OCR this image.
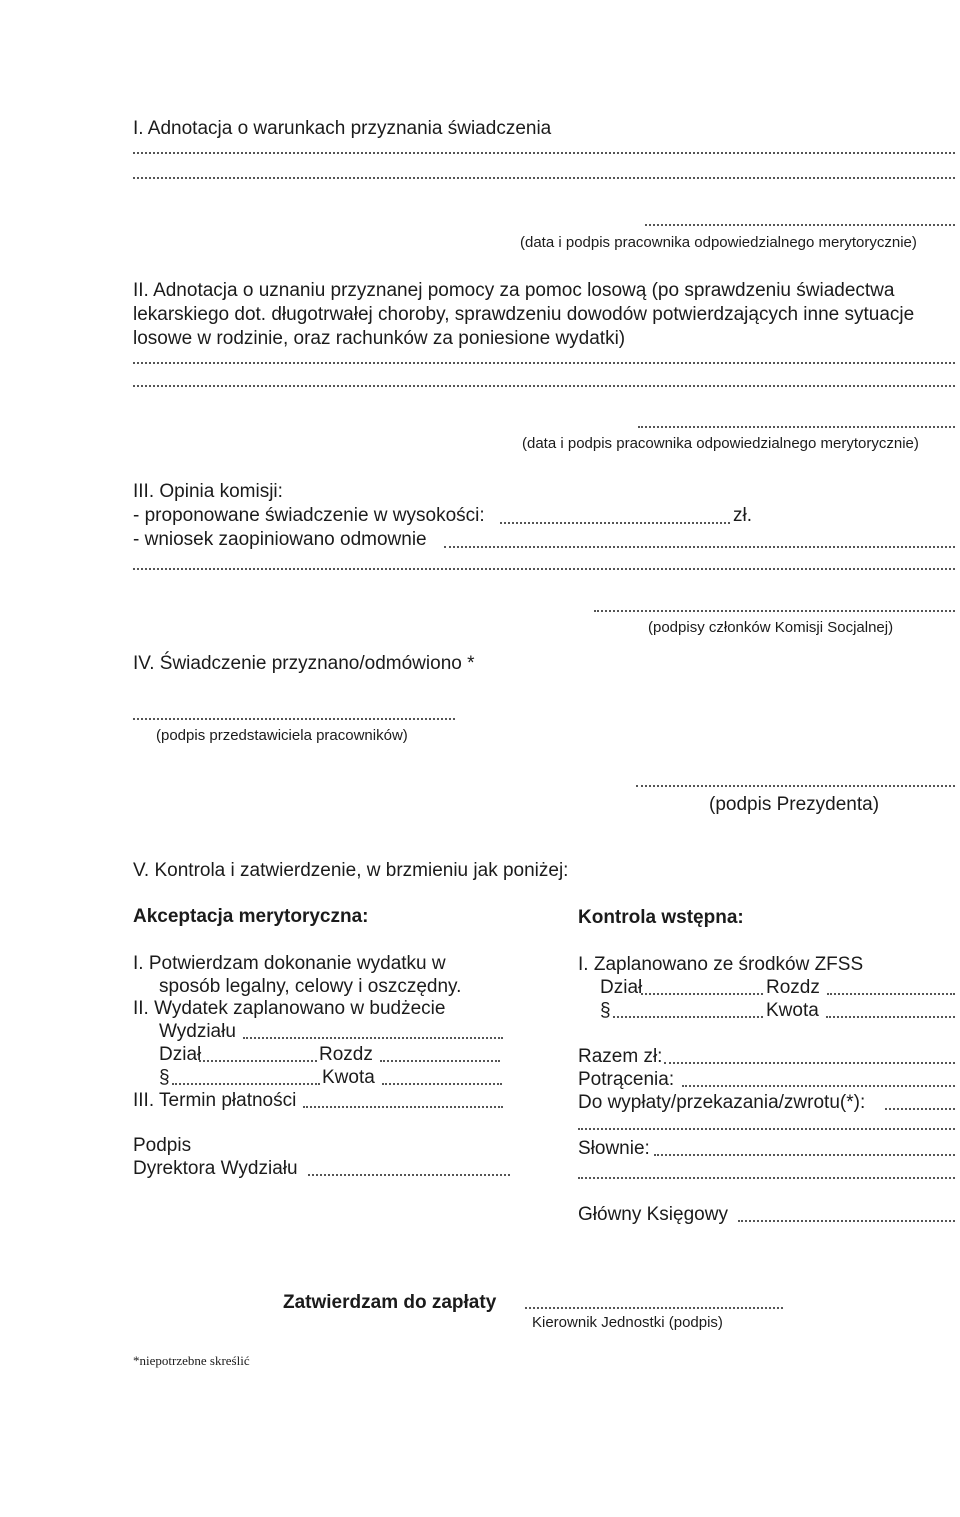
I. Adnotacja o warunkach przyznania świadczenia
(data i podpis pracownika odpowiedzialnego merytorycznie)
II. Adnotacja o uznaniu przyznanej pomocy za pomoc losową (po sprawdzeniu świadectwa
lekarskiego dot. długotrwałej choroby, sprawdzeniu dowodów potwierdzających inne sytuacje
losowe w rodzinie, oraz rachunków za poniesione wydatki)
(data i podpis pracownika odpowiedzialnego merytorycznie)
III. Opinia komisji:
- proponowane świadczenie w wysokości:	zł.
- wniosek zaopiniowano odmownie
(podpisy członków Komisji Socjalnej)
IV. Świadczenie przyznano/odmówiono *
(podpis przedstawiciela pracowników)
(podpis Prezydenta)
V. Kontrola i zatwierdzenie, w brzmieniu jak poniżej:
Akceptacja merytoryczna:
I. Potwierdzam dokonanie wydatku w
sposób legalny, celowy i oszczędny.
II. Wydatek zaplanowano w budżecie
Wydziału
Dział	Rozdz
§	Kwota
III. Termin płatności
Podpis
Dyrektora Wydziału
Kontrola wstępna:
I. Zaplanowano ze środków ZFSS
Dział	Rozdz
§	Kwota
Razem zł:
Potrącenia:
Do wypłaty/przekazania/zwrotu(*):
Słownie:
Główny Księgowy
Zatwierdzam do zapłaty
Kierownik Jednostki (podpis)
*niepotrzebne skreślić
